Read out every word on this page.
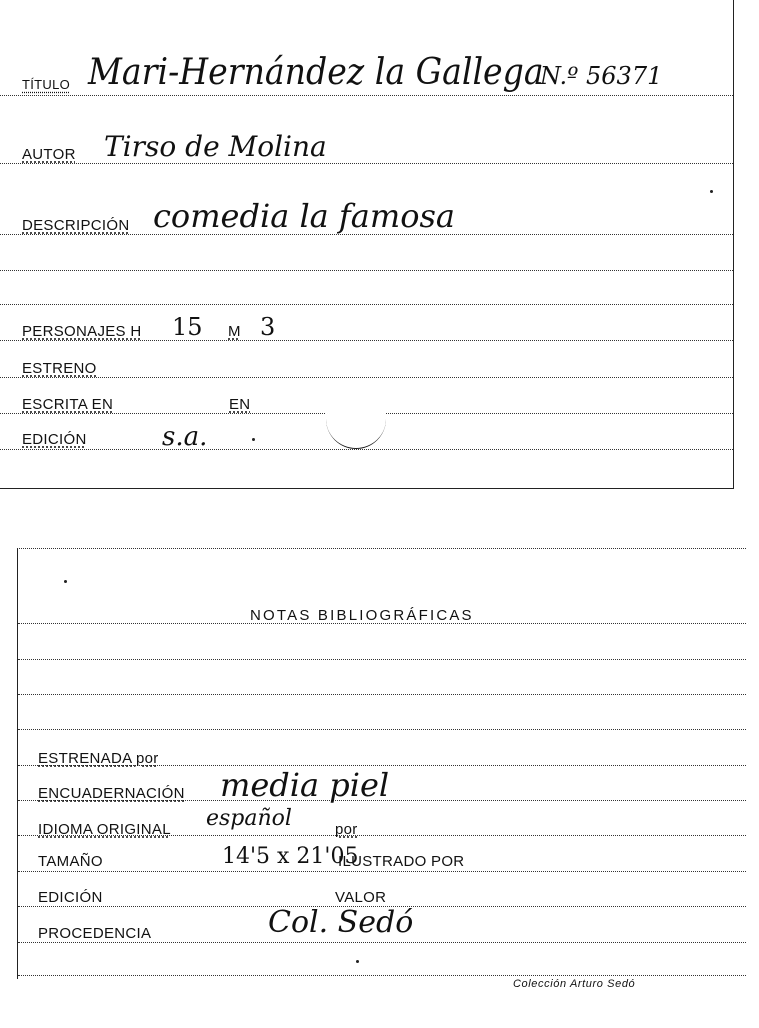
TÍTULO Mari-Hernández la Gallega
N.º 56371
AUTOR Tirso de Molina
DESCRIPCIÓN comedia la famosa
PERSONAJES H 15 M 3
ESTRENO
ESCRITA EN	EN
EDICIÓN	s.a.
NOTAS BIBLIOGRÁFICAS
ESTRENADA por
ENCUADERNACIÓN media piel
IDIOMA ORIGINAL español	por
TAMAÑO	14'5 x 21'05
ILUSTRADO POR
EDICIÓN	VALOR
PROCEDENCIA	Col. Sedó
Colección Arturo Sedó
